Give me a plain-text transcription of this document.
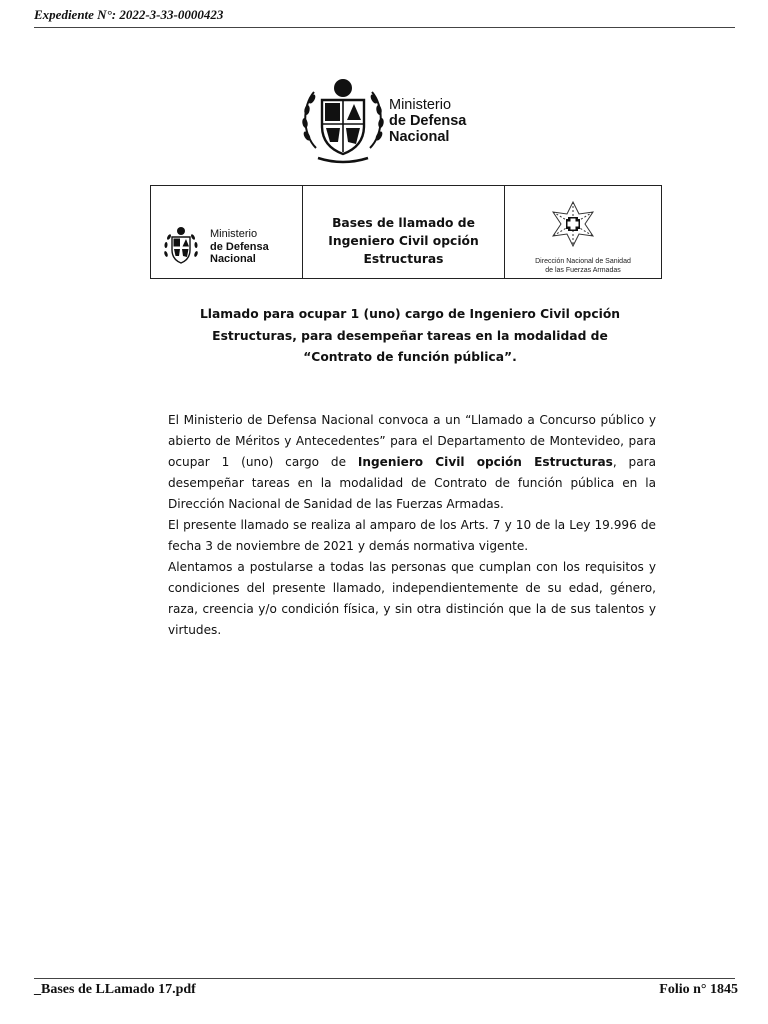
Expediente N°: 2022-3-33-0000423
Ministerio
de Defensa
Nacional
Ministerio
de Defensa
Nacional
Bases de llamado de
Ingeniero Civil opción
Estructuras	Dirección Nacional de Sanidad
de las Fuerzas Armadas
Llamado para ocupar 1 (uno) cargo de Ingeniero Civil opción
Estructuras, para desempeñar tareas en la modalidad de
“Contrato de función pública”.

El Ministerio de Defensa Nacional convoca a un “Llamado a Concurso público y abierto de Méritos y Antecedentes” para el Departamento de Montevideo, para ocupar 1 (uno) cargo de Ingeniero Civil opción Estructuras, para desempeñar tareas en la modalidad de Contrato de función pública en la Dirección Nacional de Sanidad de las Fuerzas Armadas.

El presente llamado se realiza al amparo de los Arts. 7 y 10 de la Ley 19.996 de fecha 3 de noviembre de 2021 y demás normativa vigente.

Alentamos a postularse a todas las personas que cumplan con los requisitos y condiciones del presente llamado, independientemente de su edad, género, raza, creencia y/o condición física, y sin otra distinción que la de sus talentos y virtudes.

_Bases de LLamado 17.pdf	Folio n° 1845
